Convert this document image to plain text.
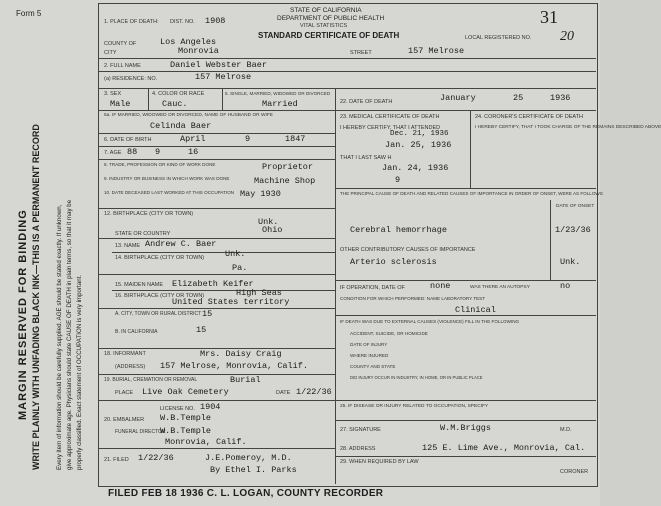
Form 5
MARGIN RESERVED FOR BINDING WRITE PLAINLY WITH UNFADING BLACK INK—THIS IS A PERMANENT RECORD Every item of information should be carefully supplied. AGE should be stated exactly. If unknown, give approximate age. Physicians should state CAUSE OF DEATH in plain terms, so that it may be properly classified. Exact statement of OCCUPATION is very important.
STATE OF CALIFORNIA
DEPARTMENT OF PUBLIC HEALTH
VITAL STATISTICS
STANDARD CERTIFICATE OF DEATH
31
LOCAL REGISTERED NO. 20
1. PLACE OF DEATH: DIST. NO. 1908
COUNTY OF	Los Angeles
CITY	Monrovia	STREET	157 Melrose
2. FULL NAME	Daniel Webster Baer
(a) RESIDENCE: NO.	157 Melrose
3. SEX
Male
4. COLOR OR RACE
Cauc.
5. SINGLE, MARRIED, WIDOWED OR DIVORCED
Married
5a. IF MARRIED, WIDOWED OR DIVORCED, NAME OF HUSBAND OR WIFE
Celinda Baer
6. DATE OF BIRTH	April	9	1847
7. AGE 88 9	16
8. TRADE, PROFESSION OR KIND OF WORK DONE	Proprietor
9. INDUSTRY OR BUSINESS IN WHICH WORK WAS DONE	Machine Shop
10. DATE DECEASED LAST WORKED AT THIS OCCUPATION May 1930
12. BIRTHPLACE (CITY OR TOWN)
Unk.
STATE OR COUNTRY	Ohio
13. NAME Andrew C. Baer
14. BIRTHPLACE (CITY OR TOWN) Unk.
Pa.
15. MAIDEN NAME Elizabeth Keifer
16. BIRTHPLACE (CITY OR TOWN)	High Seas
United States territory
A. CITY, TOWN OR RURAL DISTRICT 15
B. IN CALIFORNIA	15
18. INFORMANT	Mrs. Daisy Craig
(ADDRESS) 157 Melrose, Monrovia, Calif.
19. BURIAL, CREMATION OR REMOVAL	Burial
PLACE Live Oak Cemetery	DATE 1/22/36
LICENSE NO. 1904
20. EMBALMER W.B.Temple
FUNERAL DIRECTOR
W.B.Temple
Monrovia, Calif.
21. FILED 1/22/36	J.E.Pomeroy, M.D.
By Ethel I. Parks
22. DATE OF DEATH	January	25	1936
23. MEDICAL CERTIFICATE OF DEATH	24. CORONER'S CERTIFICATE OF DEATH
I HEREBY CERTIFY, THAT I ATTENDED
Dec. 21, 1936
Jan. 25, 1936
THAT I LAST SAW H
Jan. 24, 1936
9
I HEREBY CERTIFY, THAT I TOOK CHARGE OF THE REMAINS DESCRIBED ABOVE
THE PRINCIPAL CAUSE OF DEATH AND RELATED CAUSES OF IMPORTANCE IN ORDER OF ONSET, WERE AS FOLLOWS
DATE OF ONSET
Cerebral hemorrhage	1/23/36
OTHER CONTRIBUTORY CAUSES OF IMPORTANCE
Arterio sclerosis	Unk.
IF OPERATION, DATE OF	none	WAS THERE AN AUTOPSY	no
CONDITION FOR WHICH PERFORMED: NAME LABORATORY TEST
Clinical
IF DEATH WAS DUE TO EXTERNAL CAUSES (VIOLENCE) FILL IN THE FOLLOWING
ACCIDENT, SUICIDE, OR HOMICIDE
DATE OF INJURY
WHERE INJURED
COUNTY AND STATE
DID INJURY OCCUR IN INDUSTRY, IN HOME, OR IN PUBLIC PLACE
25. IF DISEASE OR INJURY RELATED TO OCCUPATION, SPECIFY
27. SIGNATURE	W.M.Briggs	M.D.
28. ADDRESS	125 E. Lime Ave., Monrovia, Cal.
29. WHEN REQUIRED BY LAW
CORONER
FILED FEB 18 1936 C. L. LOGAN, COUNTY RECORDER
